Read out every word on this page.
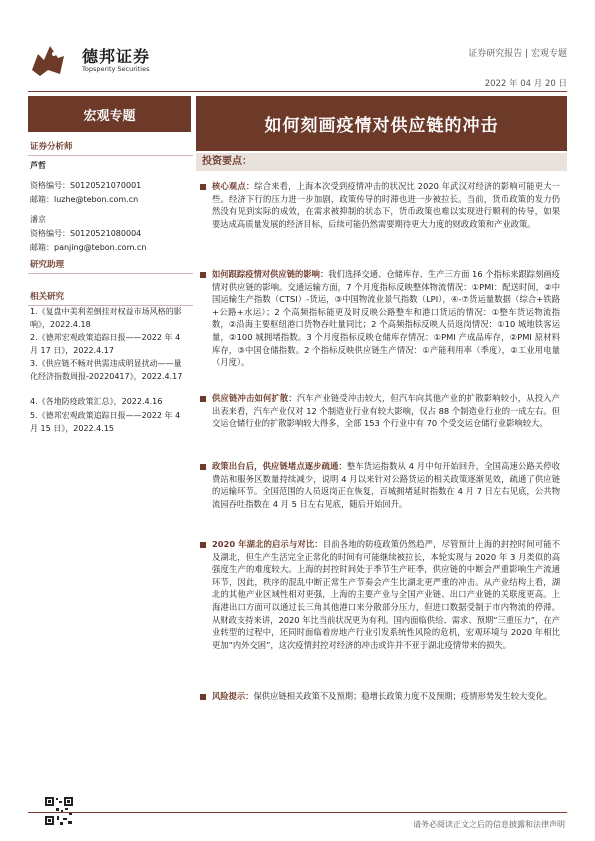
德邦证券
Topsperity Securities
证券研究报告 | 宏观专题
2022 年 04 月 20 日
宏观专题
证券分析师
芦哲
资格编号：S0120521070001
邮箱：luzhe@tebon.com.cn
潘京
资格编号：S0120521080004
邮箱：panjing@tebon.com.cn
研究助理
相关研究
1.《复盘中美利差倒挂对权益市场风格的影响》，2022.4.18
2.《德邦宏观政策追踪日报——2022 年 4 月 17 日》，2022.4.17
3.《供应链不畅对供需违成明显扰动——量化经济指数周报-20220417》，2022.4.17
4.《各地防疫政策汇总》，2022.4.16
5.《德邦宏观政策追踪日报——2022 年 4 月 15 日》，2022.4.15
如何刻画疫情对供应链的冲击
投资要点：
核心观点：综合来看，上海本次受到疫情冲击的状况比 2020 年武汉对经济的影响可能更大一些。经济下行的压力进一步加剧，政策传导的时滞也进一步被拉长。当前，货币政策的发力仍然没有见到实际的成效，在需求被抑制的状态下，货币政策也难以实现进行顺利的传导，如果要达成高质量发展的经济目标，后续可能仍然需要期待更大力度的财政政策和产业政策。
如何跟踪疫情对供应链的影响：我们选择交通、仓储库存、生产三方面 16 个指标来跟踪刻画疫情对供应链的影响。交通运输方面，7 个月度指标反映整体物流情况：①PMI：配送时间，②中国运输生产指数（CTSI）-货运，③中国物流业景气指数（LPI），④-⑦货运量数据（综合+铁路+公路+水运）；2 个高频指标能更及时反映公路整车和港口货运的情况：①整车货运物流指数，②沿海主要枢纽港口货物吞吐量同比；2 个高频指标反映人员返岗情况：①10 城地铁客运量，②100 城拥堵指数。3 个月度指标反映仓储库存情况：①PMI 产成品库存，②PMI 原材料库存，③中国仓储指数。2 个指标反映供应链生产情况：①产能利用率（季度），②工业用电量（月度）。
供应链冲击如何扩散：汽车产业链受冲击较大，但汽车向其他产业的扩散影响较小，从投入产出表来看，汽车产业仅对 12 个制造业行业有较大影响，仅占 88 个制造业行业的一成左右。但交运仓储行业的扩散影响较大得多，全部 153 个行业中有 70 个受交运仓储行业影响较大。
政策出台后，供应链堵点逐步疏通：整车货运指数从 4 月中旬开始回升，全国高速公路关停收费站和服务区数量持续减少，说明 4 月以来针对公路货运的相关政策逐渐见效，疏通了供应链的运输环节。全国范围的人员返岗正在恢复，百城拥堵延时指数在 4 月 7 日左右见底，公共物流园吞吐指数在 4 月 5 日左右见底，随后开始回升。
2020 年湖北的启示与对比：目前各地的防疫政策仍然趋严，尽管预计上海的封控时间可能不及湖北，但生产生活完全正常化的时间有可能继续被拉长，本轮实现与 2020 年 3 月类似的高强度生产的难度较大。上海的封控时间处于季节生产旺季，供应链的中断会严重影响生产流通环节，因此，秩序的混乱中断正常生产节奏会产生比湖北更严重的冲击。从产业结构上看，湖北的其他产业区域性相对更强，上海的主要产业与全国产业链、出口产业链的关联度更高。上海港出口方面可以通过长三角其他港口来分散部分压力，但进口数据受制于市内物流的停滞。从财政支持来讲，2020 年比当前状况更为有利。国内面临供给、需求、预期“三重压力”，在产业转型的过程中，还同时面临着房地产行业引发系统性风险的危机，宏观环境与 2020 年相比更加“内外交困”，这次疫情封控对经济的冲击或许并不亚于湖北疫情带来的损失。
风险提示：保供应链相关政策不及预期；稳增长政策力度不及预期；疫情形势发生较大变化。
请务必阅读正文之后的信息披露和法律声明
